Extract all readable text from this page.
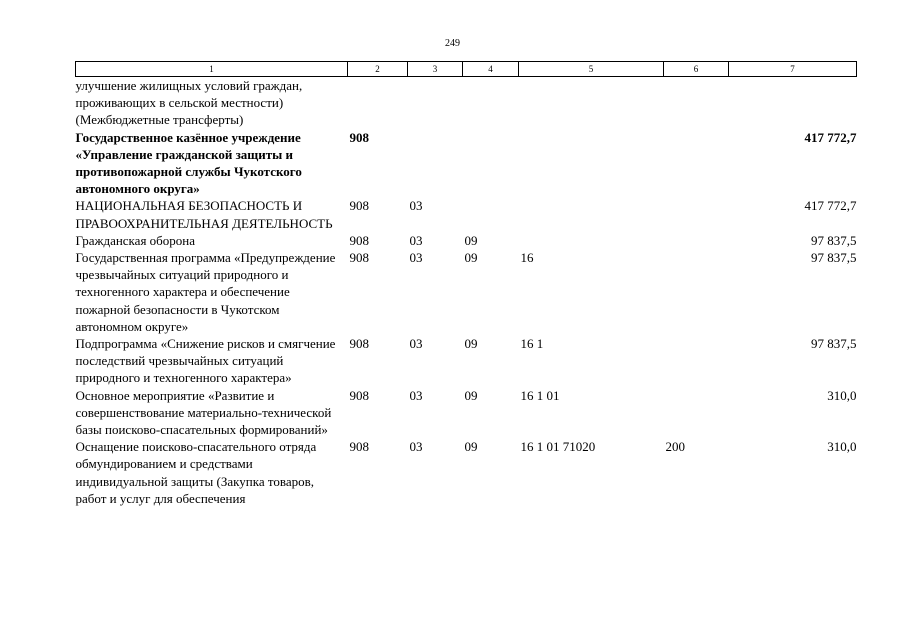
249
1	2	3	4	5	6	7
улучшение жилищных условий граждан, проживающих в сельской местности) (Межбюджетные трансферты)						
Государственное казённое учреждение «Управление гражданской защиты и противопожарной службы Чукотского автономного округа»	908					417 772,7
НАЦИОНАЛЬНАЯ БЕЗОПАСНОСТЬ И ПРАВООХРАНИТЕЛЬНАЯ ДЕЯТЕЛЬНОСТЬ	908	03				417 772,7
Гражданская оборона	908	03	09			97 837,5
Государственная программа «Предупреждение чрезвычайных ситуаций природного и техногенного характера и обеспечение пожарной безопасности в Чукотском автономном округе»	908	03	09	16		97 837,5
Подпрограмма «Снижение рисков и смягчение последствий чрезвычайных ситуаций природного и техногенного характера»	908	03	09	16 1		97 837,5
Основное мероприятие «Развитие и совершенствование материально-технической базы поисково-спасательных формирований»	908	03	09	16 1 01		310,0
Оснащение поисково-спасательного отряда обмундированием и средствами индивидуальной защиты (Закупка товаров, работ и услуг для обеспечения	908	03	09	16 1 01 71020	200	310,0
